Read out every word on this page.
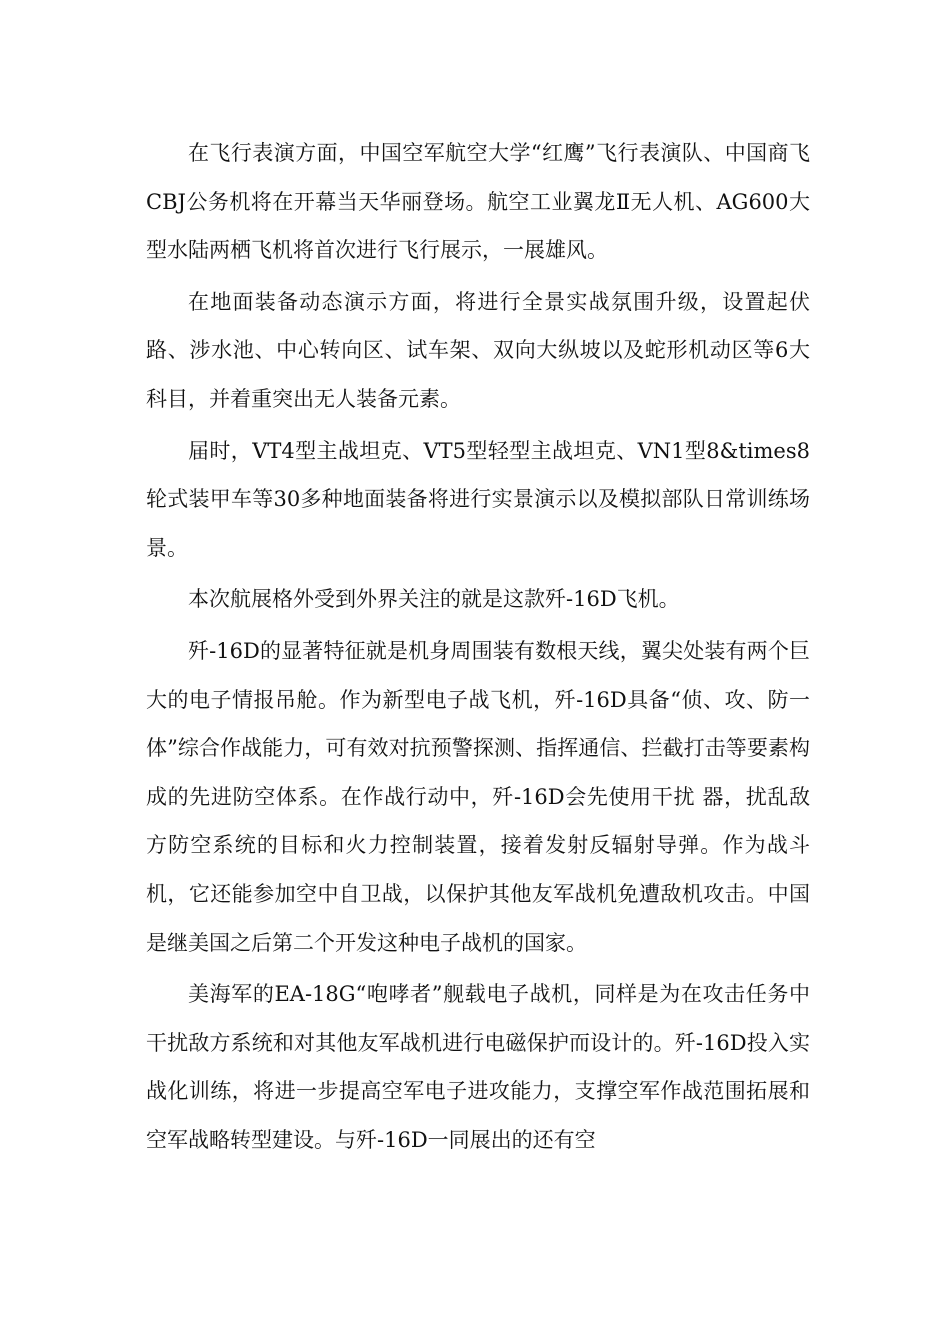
在飞行表演方面，中国空军航空大学“红鹰”飞行表演队、中国商飞CBJ公务机将在开幕当天华丽登场。航空工业翼龙Ⅱ无人机、AG600大型水陆两栖飞机将首次进行飞行展示，一展雄风。

在地面装备动态演示方面，将进行全景实战氛围升级，设置起伏路、涉水池、中心转向区、试车架、双向大纵坡以及蛇形机动区等6大科目，并着重突出无人装备元素。

届时，VT4型主战坦克、VT5型轻型主战坦克、VN1型8&times8轮式装甲车等30多种地面装备将进行实景演示以及模拟部队日常训练场景。

本次航展格外受到外界关注的就是这款歼-16D飞机。

歼-16D的显著特征就是机身周围装有数根天线，翼尖处装有两个巨大的电子情报吊舱。作为新型电子战飞机，歼-16D具备“侦、攻、防一体”综合作战能力，可有效对抗预警探测、指挥通信、拦截打击等要素构成的先进防空体系。在作战行动中，歼-16D会先使用干扰 器，扰乱敌方防空系统的目标和火力控制装置，接着发射反辐射导弹。作为战斗机，它还能参加空中自卫战，以保护其他友军战机免遭敌机攻击。中国是继美国之后第二个开发这种电子战机的国家。

美海军的EA-18G“咆哮者”舰载电子战机，同样是为在攻击任务中干扰敌方系统和对其他友军战机进行电磁保护而设计的。歼-16D投入实战化训练，将进一步提高空军电子进攻能力，支撑空军作战范围拓展和空军战略转型建设。与歼-16D一同展出的还有空
